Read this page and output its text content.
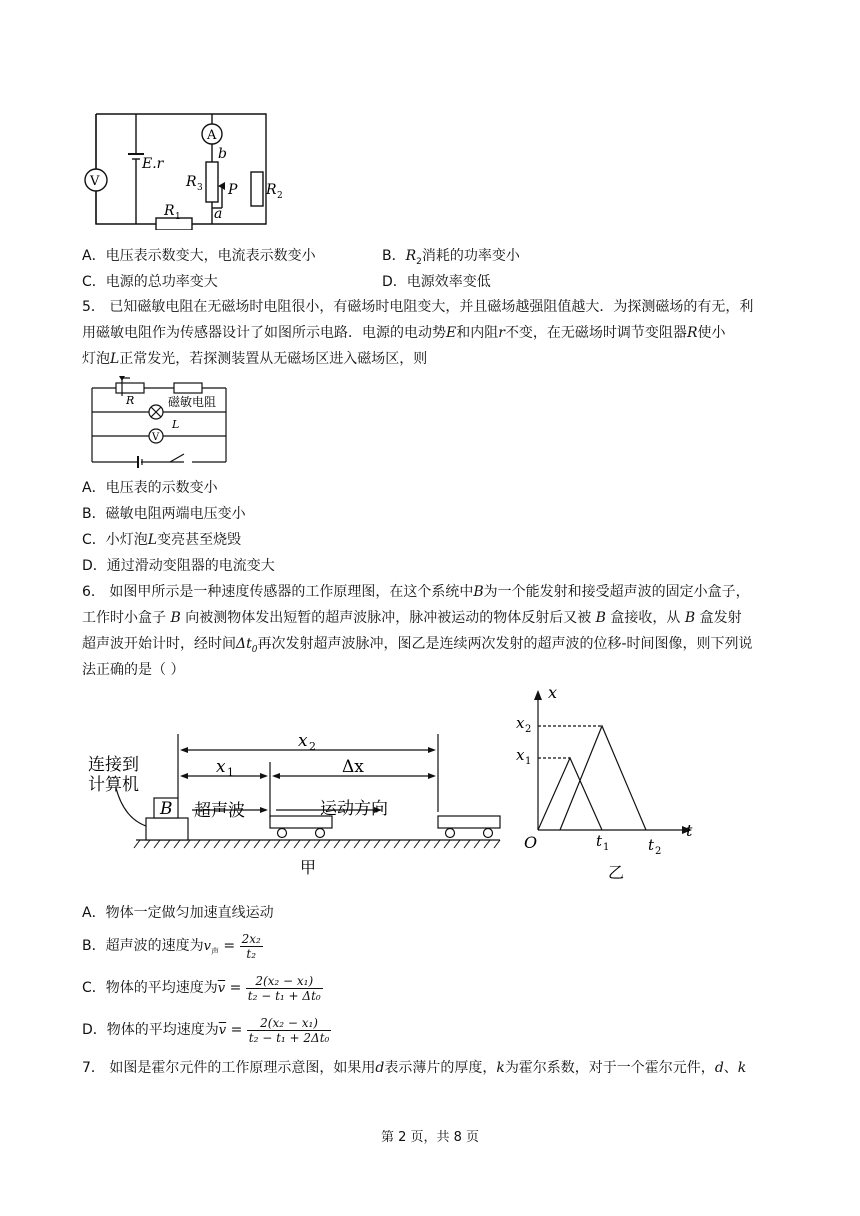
V
A
E.r
b
R 3 P
a
R 2
R 1
A．电压表示数变大，电流表示数变小	B．$R_2$消耗的功率变小
C．电源的总功率变大	D．电源效率变低
5． 已知磁敏电阻在无磁场时电阻很小，有磁场时电阻变大，并且磁场越强阻值越大．为探测磁场的有无，利
用磁敏电阻作为传感器设计了如图所示电路．电源的电动势E和内阻r不变，在无磁场时调节变阻器R使小
灯泡L正常发光，若探测装置从无磁场区进入磁场区，则
R	磁敏电阻
L
V
A．电压表的示数变小
B．磁敏电阻两端电压变小
C．小灯泡L变亮甚至烧毁
D．通过滑动变阻器的电流变大
6． 如图甲所示是一种速度传感器的工作原理图，在这个系统中B为一个能发射和接受超声波的固定小盒子，
工作时小盒子 B 向被测物体发出短暂的超声波脉冲，脉冲被运动的物体反射后又被 B 盒接收，从 B 盒发射
超声波开始计时，经时间$\Delta t_0$再次发射超声波脉冲，图乙是连续两次发射的超声波的位移-时间图像，则下列说
法正确的是（ ）
连接到
计算机
B 超声波	运动方向
x 2
x 1	Δx
甲
x
t
O
x 2
x 1
t 1	t 2
乙
A．物体一定做匀加速直线运动
B．超声波的速度为$v_声 = \frac{\text{2x₂}}{\text{t₂}}$
C．物体的平均速度为$\overline{v} = \frac{\text{2(x₂ − x₁)}}{\text{t₂ − t₁ + Δt₀}}$
D．物体的平均速度为$\overline{v} = \frac{\text{2(x₂ − x₁)}}{\text{t₂ − t₁ + 2Δt₀}}$
7． 如图是霍尔元件的工作原理示意图，如果用d表示薄片的厚度，k为霍尔系数，对于一个霍尔元件，d、k
第 2 页，共 8 页
